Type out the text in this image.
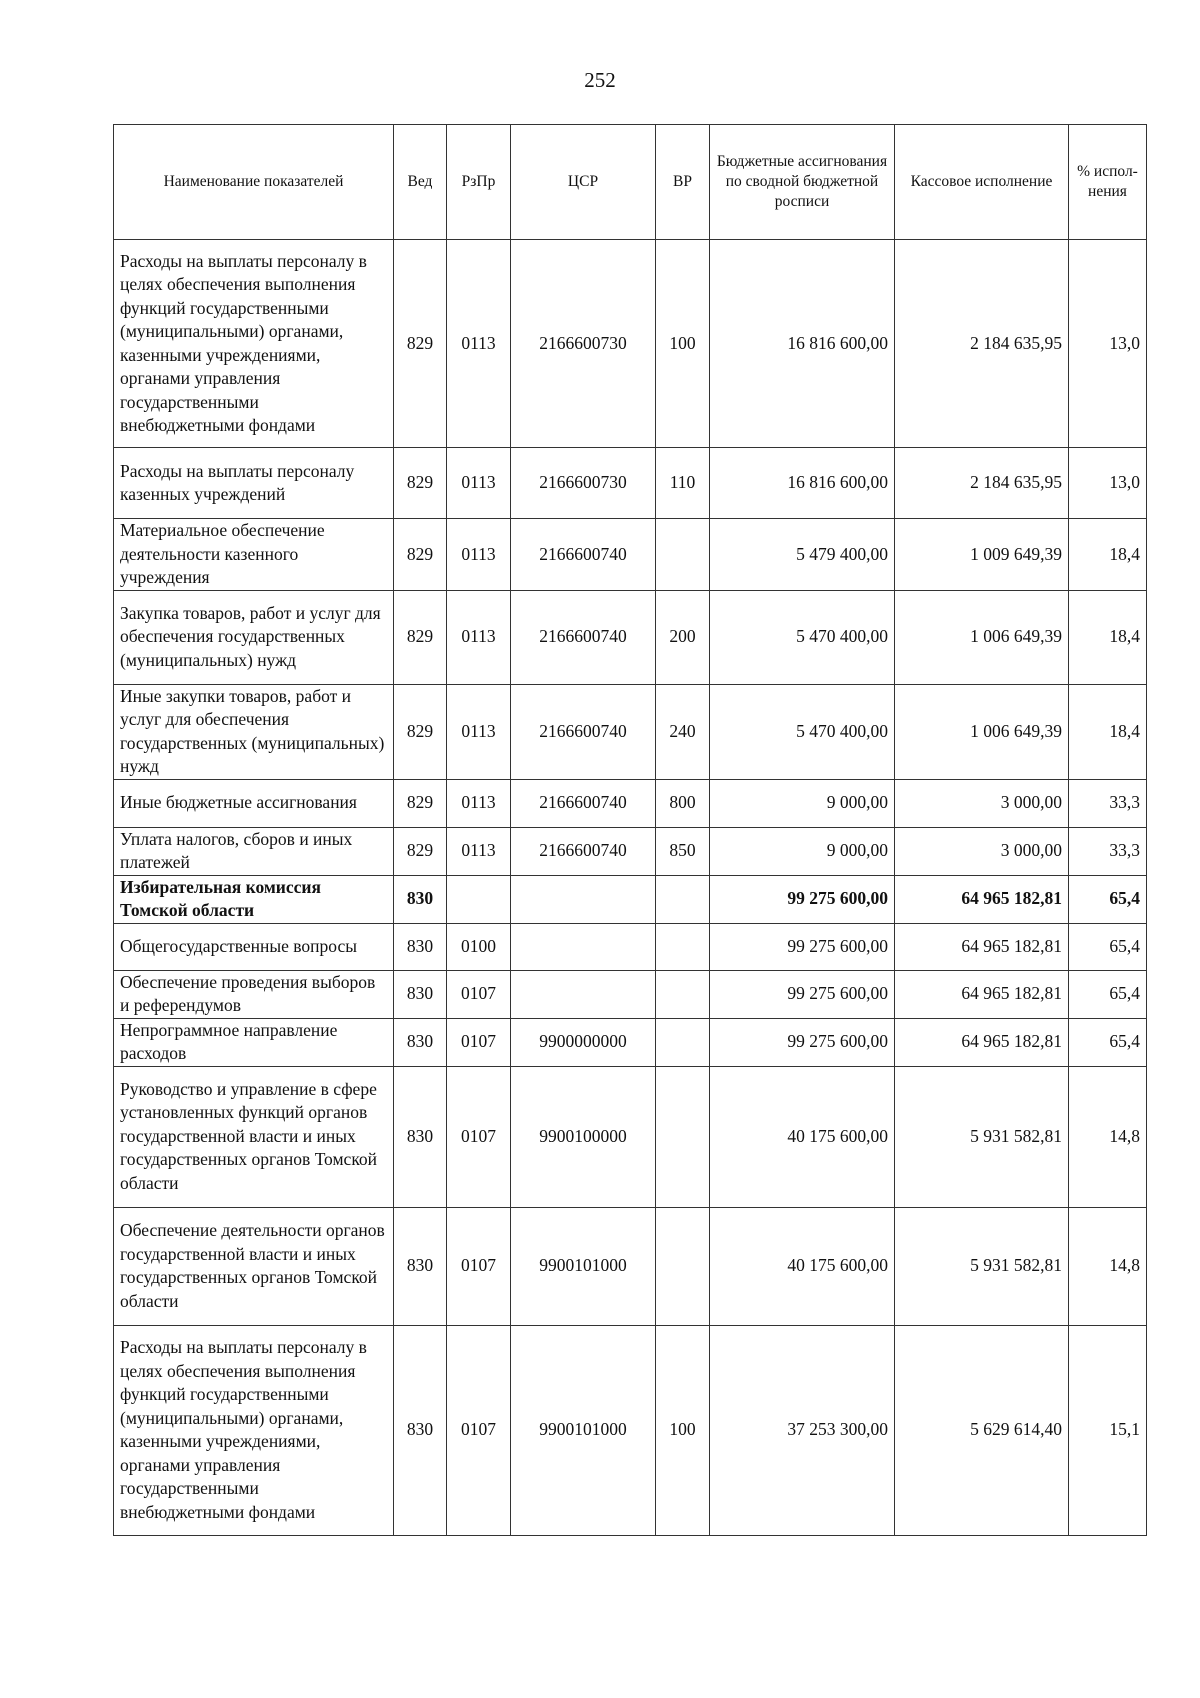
252
Наименование показателей	Вед	РзПр	ЦСР	ВР	Бюджетные ассигнования по сводной бюджетной росписи	Кассовое исполнение	% испол-нения
Расходы на выплаты персоналу в целях обеспечения выполнения функций государственными (муниципальными) органами, казенными учреждениями, органами управления государственными внебюджетными фондами	829	0113	2166600730	100	16 816 600,00	2 184 635,95	13,0
Расходы на выплаты персоналу казенных учреждений	829	0113	2166600730	110	16 816 600,00	2 184 635,95	13,0
Материальное обеспечение деятельности казенного учреждения	829	0113	2166600740		5 479 400,00	1 009 649,39	18,4
Закупка товаров, работ и услуг для обеспечения государственных (муниципальных) нужд	829	0113	2166600740	200	5 470 400,00	1 006 649,39	18,4
Иные закупки товаров, работ и услуг для обеспечения государственных (муниципальных) нужд	829	0113	2166600740	240	5 470 400,00	1 006 649,39	18,4
Иные бюджетные ассигнования	829	0113	2166600740	800	9 000,00	3 000,00	33,3
Уплата налогов, сборов и иных платежей	829	0113	2166600740	850	9 000,00	3 000,00	33,3
Избирательная комиссия Томской области	830				99 275 600,00	64 965 182,81	65,4
Общегосударственные вопросы	830	0100			99 275 600,00	64 965 182,81	65,4
Обеспечение проведения выборов и референдумов	830	0107			99 275 600,00	64 965 182,81	65,4
Непрограммное направление расходов	830	0107	9900000000		99 275 600,00	64 965 182,81	65,4
Руководство и управление в сфере установленных функций органов государственной власти и иных государственных органов Томской области	830	0107	9900100000		40 175 600,00	5 931 582,81	14,8
Обеспечение деятельности органов государственной власти и иных государственных органов Томской области	830	0107	9900101000		40 175 600,00	5 931 582,81	14,8
Расходы на выплаты персоналу в целях обеспечения выполнения функций государственными (муниципальными) органами, казенными учреждениями, органами управления государственными внебюджетными фондами	830	0107	9900101000	100	37 253 300,00	5 629 614,40	15,1
